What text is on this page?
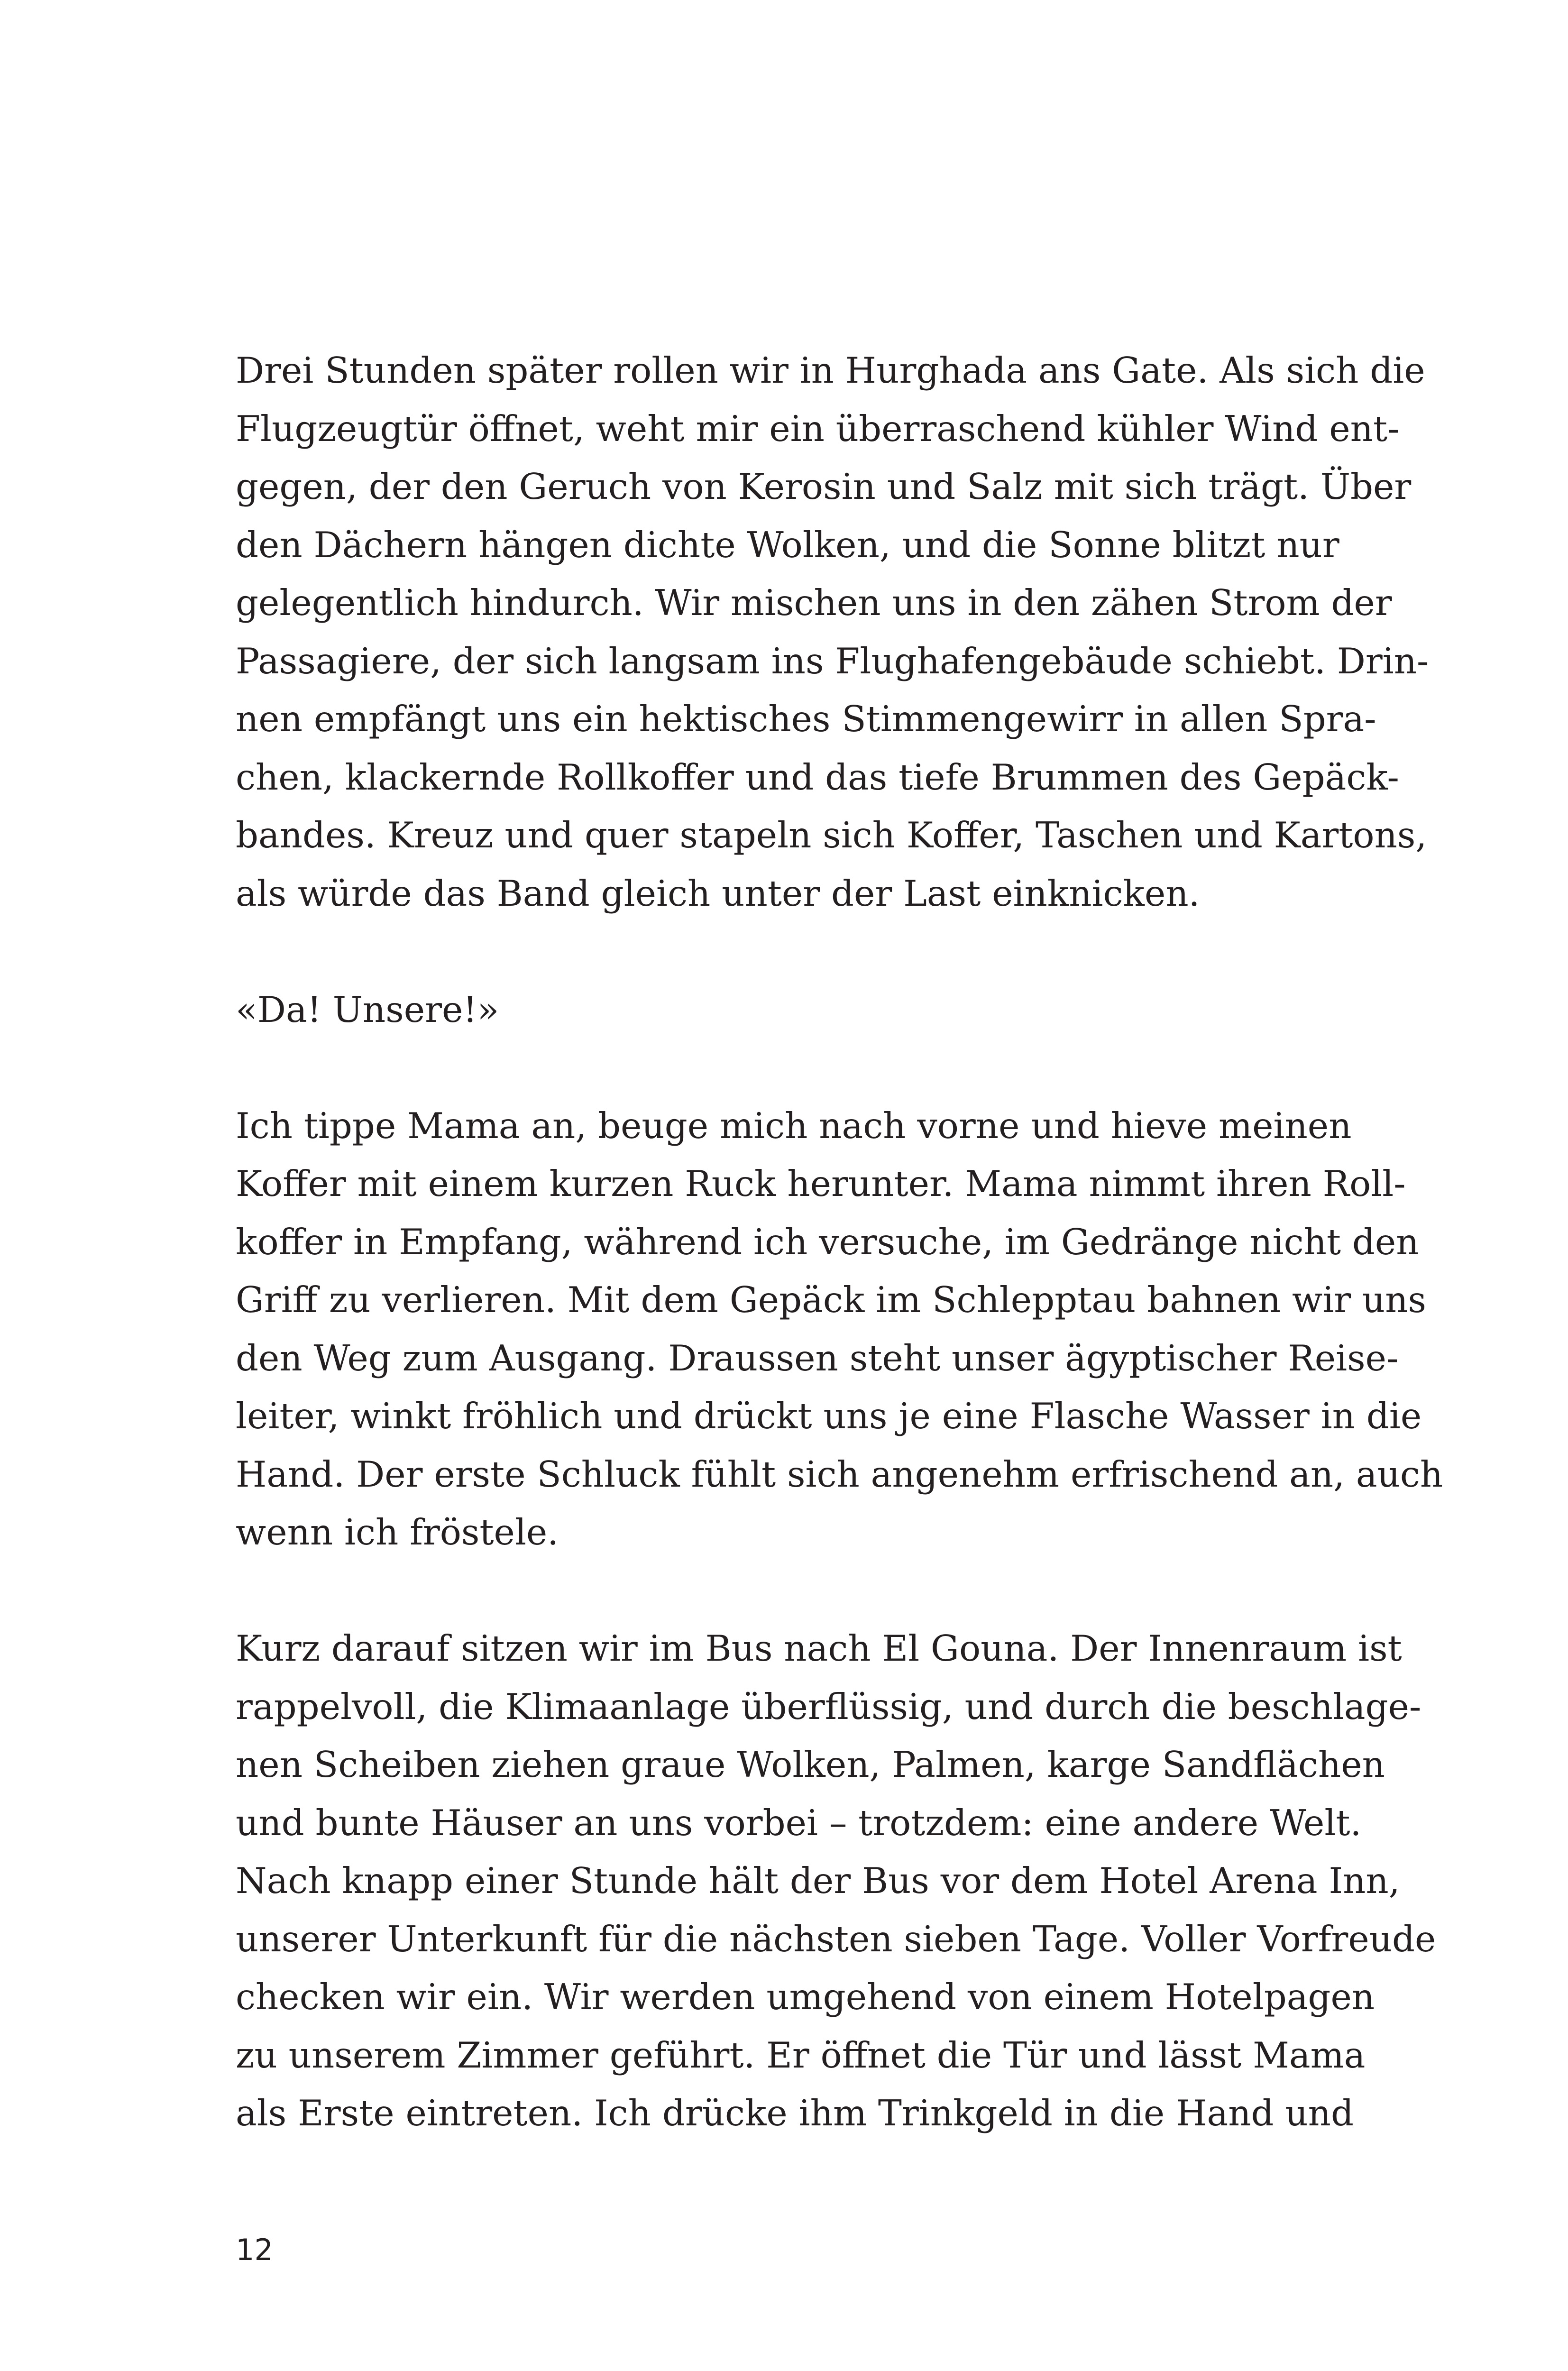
Drei Stunden später rollen wir in Hurghada ans Gate. Als sich die
Flugzeugtür öffnet, weht mir ein überraschend kühler Wind ent-
gegen, der den Geruch von Kerosin und Salz mit sich trägt. Über
den Dächern hängen dichte Wolken, und die Sonne blitzt nur
gelegentlich hindurch. Wir mischen uns in den zähen Strom der
Passagiere, der sich langsam ins Flughafengebäude schiebt. Drin-
nen empfängt uns ein hektisches Stimmengewirr in allen Spra-
chen, klackernde Rollkoffer und das tiefe Brummen des Gepäck-
bandes. Kreuz und quer stapeln sich Koffer, Taschen und Kartons,
als würde das Band gleich unter der Last einknicken.
«Da! Unsere!»
Ich tippe Mama an, beuge mich nach vorne und hieve meinen
Koffer mit einem kurzen Ruck herunter. Mama nimmt ihren Roll-
koffer in Empfang, während ich versuche, im Gedränge nicht den
Griff zu verlieren. Mit dem Gepäck im Schlepptau bahnen wir uns
den Weg zum Ausgang. Draussen steht unser ägyptischer Reise-
leiter, winkt fröhlich und drückt uns je eine Flasche Wasser in die
Hand. Der erste Schluck fühlt sich angenehm erfrischend an, auch
wenn ich fröstele.
Kurz darauf sitzen wir im Bus nach El Gouna. Der Innenraum ist
rappelvoll, die Klimaanlage überflüssig, und durch die beschlage-
nen Scheiben ziehen graue Wolken, Palmen, karge Sandflächen
und bunte Häuser an uns vorbei – trotzdem: eine andere Welt.
Nach knapp einer Stunde hält der Bus vor dem Hotel Arena Inn,
unserer Unterkunft für die nächsten sieben Tage. Voller Vorfreude
checken wir ein. Wir werden umgehend von einem Hotelpagen
zu unserem Zimmer geführt. Er öffnet die Tür und lässt Mama
als Erste eintreten. Ich drücke ihm Trinkgeld in die Hand und
12
